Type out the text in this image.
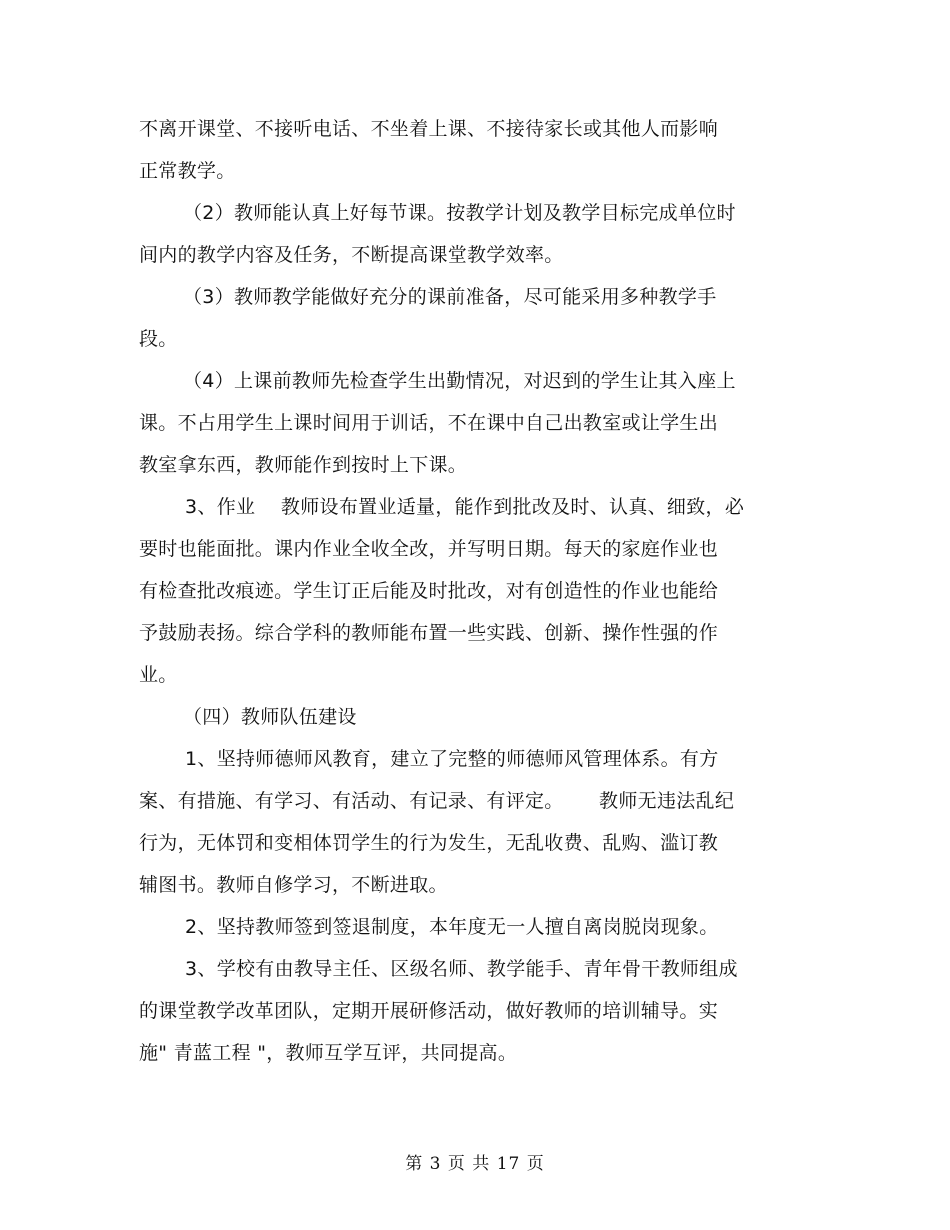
不离开课堂、不接听电话、不坐着上课、不接待家长或其他人而影响
正常教学。
（2）教师能认真上好每节课。按教学计划及教学目标完成单位时
间内的教学内容及任务，不断提高课堂教学效率。
（3）教师教学能做好充分的课前准备，尽可能采用多种教学手
段。
（4）上课前教师先检查学生出勤情况，对迟到的学生让其入座上
课。不占用学生上课时间用于训话，不在课中自己出教室或让学生出
教室拿东西，教师能作到按时上下课。
3、作业　 教师设布置业适量，能作到批改及时、认真、细致，必
要时也能面批。课内作业全收全改，并写明日期。每天的家庭作业也
有检查批改痕迹。学生订正后能及时批改，对有创造性的作业也能给
予鼓励表扬。综合学科的教师能布置一些实践、创新、操作性强的作
业。
（四）教师队伍建设
1、坚持师德师风教育，建立了完整的师德师风管理体系。有方
案、有措施、有学习、有活动、有记录、有评定。　　 教师无违法乱纪
行为，无体罚和变相体罚学生的行为发生，无乱收费、乱购、滥订教
辅图书。教师自修学习，不断进取。
2、坚持教师签到签退制度，本年度无一人擅自离岗脱岗现象。
3、学校有由教导主任、区级名师、教学能手、青年骨干教师组成
的课堂教学改革团队，定期开展研修活动，做好教师的培训辅导。实
施" 青蓝工程 "，教师互学互评，共同提高。
第 3 页 共 17 页
